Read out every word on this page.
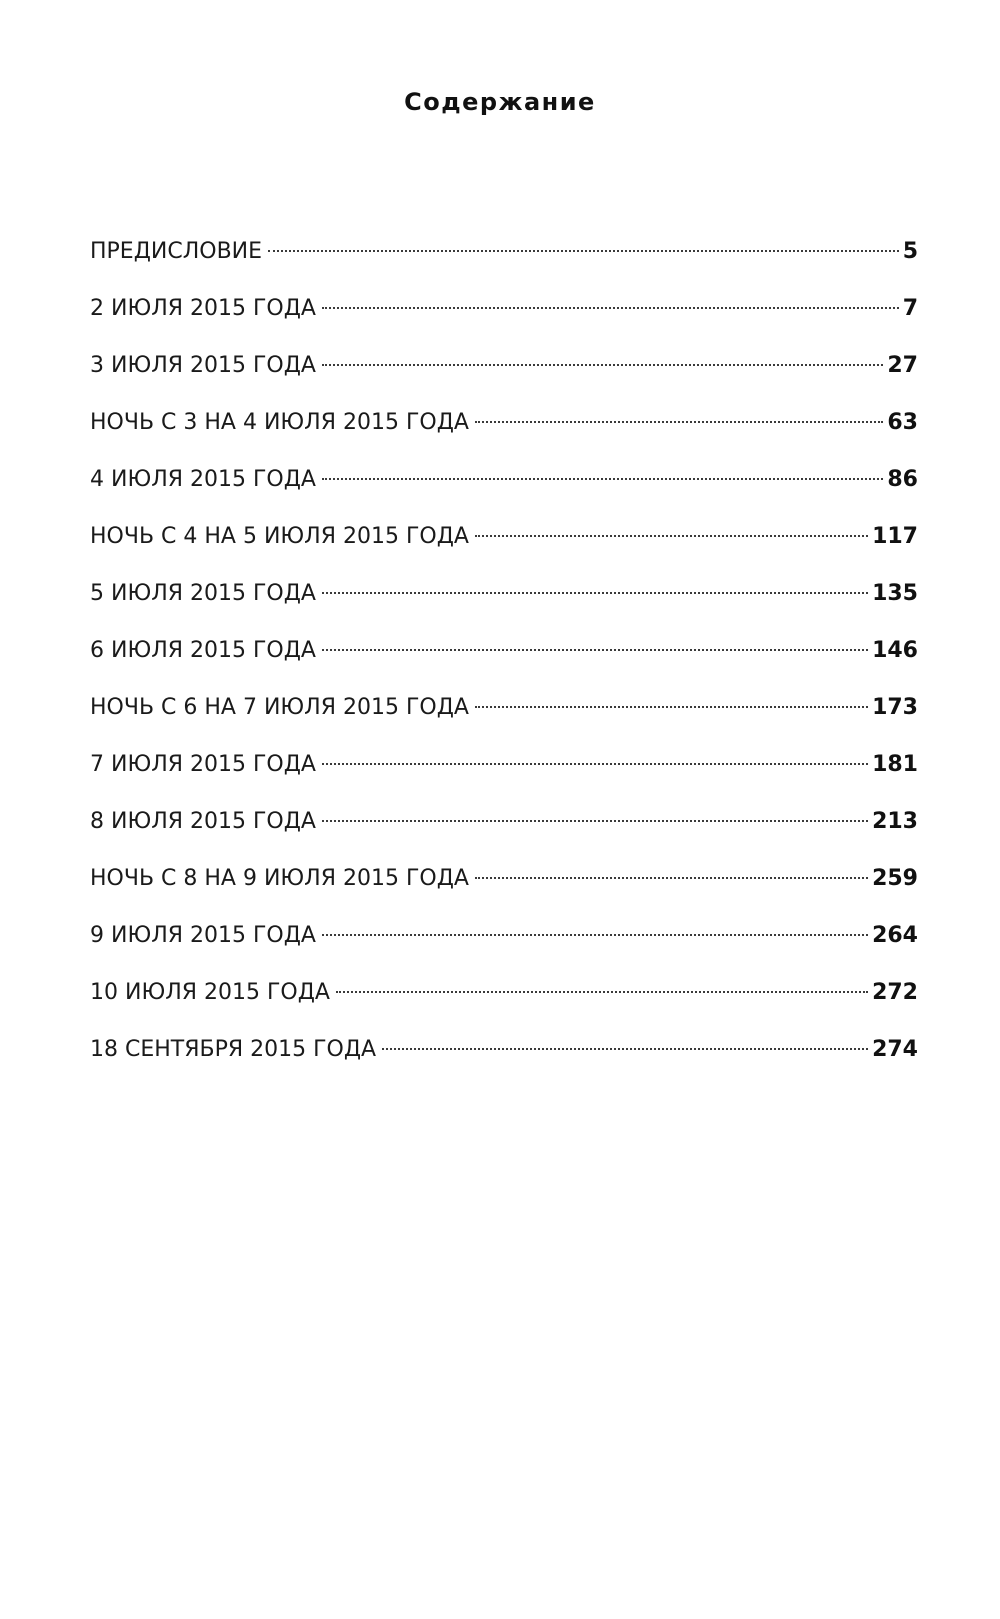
Содержание
ПРЕДИСЛОВИЕ	5
2 ИЮЛЯ 2015 ГОДА	7
3 ИЮЛЯ 2015 ГОДА	27
НОЧЬ С 3 НА 4 ИЮЛЯ 2015 ГОДА	63
4 ИЮЛЯ 2015 ГОДА	86
НОЧЬ С 4 НА 5 ИЮЛЯ 2015 ГОДА	117
5 ИЮЛЯ 2015 ГОДА	135
6 ИЮЛЯ 2015 ГОДА	146
НОЧЬ С 6 НА 7 ИЮЛЯ 2015 ГОДА	173
7 ИЮЛЯ 2015 ГОДА	181
8 ИЮЛЯ 2015 ГОДА	213
НОЧЬ С 8 НА 9 ИЮЛЯ 2015 ГОДА	259
9 ИЮЛЯ 2015 ГОДА	264
10 ИЮЛЯ 2015 ГОДА	272
18 СЕНТЯБРЯ 2015 ГОДА	274
